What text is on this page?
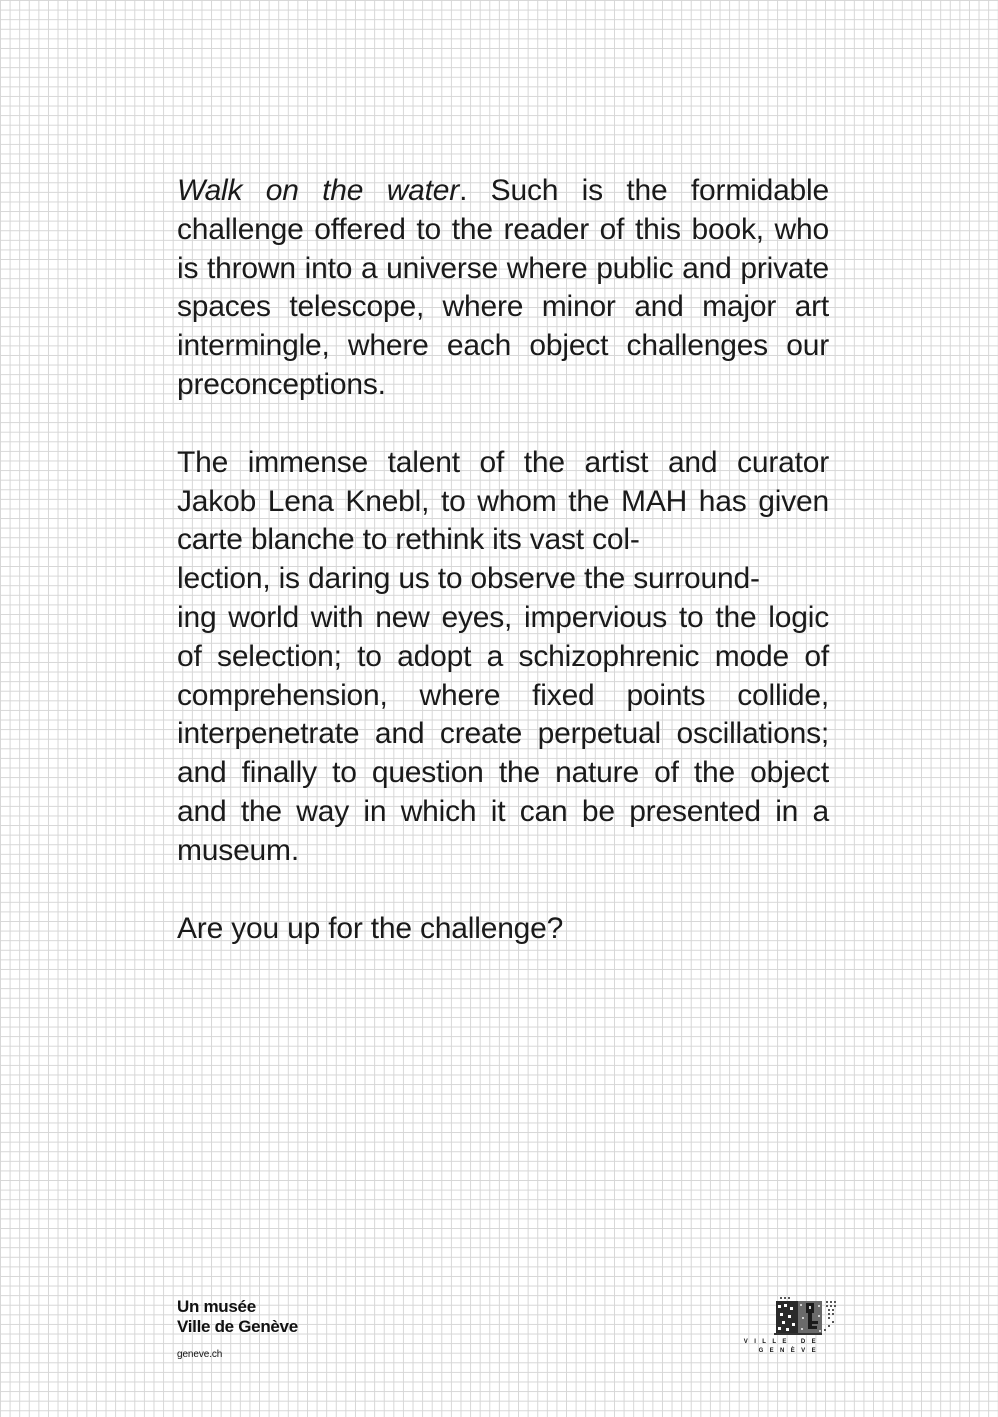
Walk on the water. Such is the formidable challenge offered to the reader of this book, who is thrown into a universe where public and private spaces telescope, where minor and major art intermingle, where each object challenges our preconceptions.

The immense talent of the artist and curator Jakob Lena Knebl, to whom the MAH has given carte blanche to rethink its vast col-
lection, is daring us to observe the surround-
ing world with new eyes, impervious to the logic of selection; to adopt a schizophrenic mode of comprehension, where fixed points collide, interpenetrate and create perpetual oscillations; and finally to question the nature of the object and the way in which it can be presented in a museum.

Are you up for the challenge?

Un musée
Ville de Genève
geneve.ch
VILLE DE
GENÈVE
